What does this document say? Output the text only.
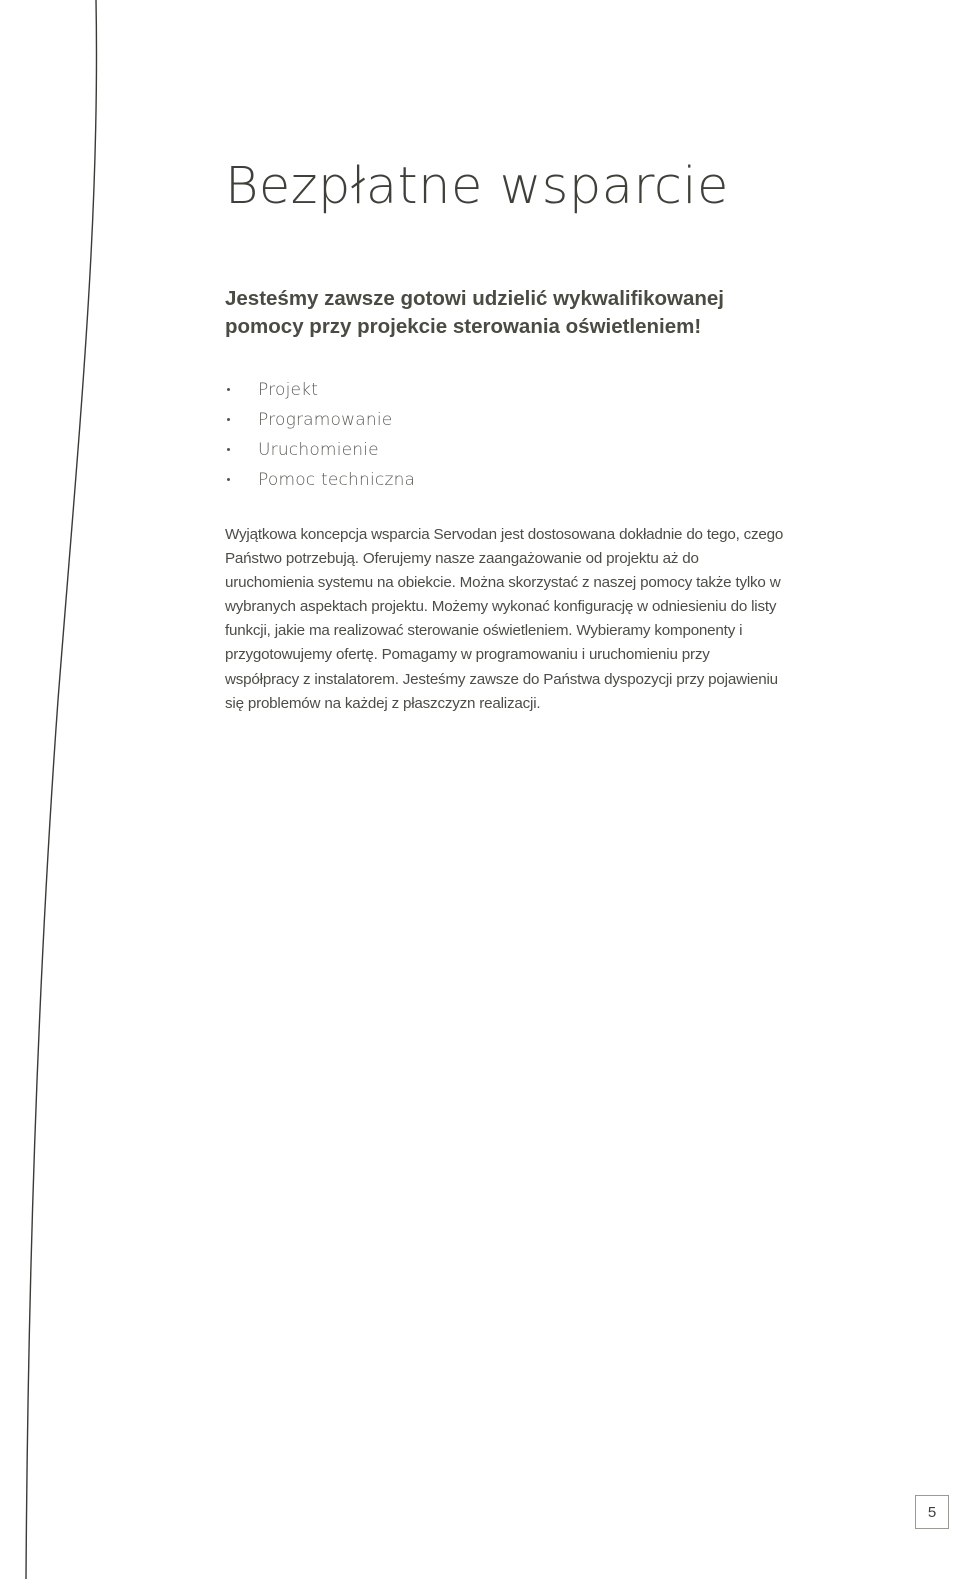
Bezpłatne wsparcie

Jesteśmy zawsze gotowi udzielić wykwalifikowanej pomocy przy projekcie sterowania oświetleniem!

Projekt
Programowanie
Uruchomienie
Pomoc techniczna

Wyjątkowa koncepcja wsparcia Servodan jest dostosowana dokładnie do tego, czego Państwo potrzebują. Oferujemy nasze zaangażowanie od projektu aż do uruchomienia systemu na obiekcie. Można skorzystać z naszej pomocy także tylko w wybranych aspektach projektu. Możemy wykonać konfigurację w odniesieniu do listy funkcji, jakie ma realizować sterowanie oświetleniem. Wybieramy komponenty i przygotowujemy ofertę. Pomagamy w programowaniu i uruchomieniu przy współpracy z instalatorem. Jesteśmy zawsze do Państwa dyspozycji przy pojawieniu się problemów na każdej z płaszczyzn realizacji.

5
